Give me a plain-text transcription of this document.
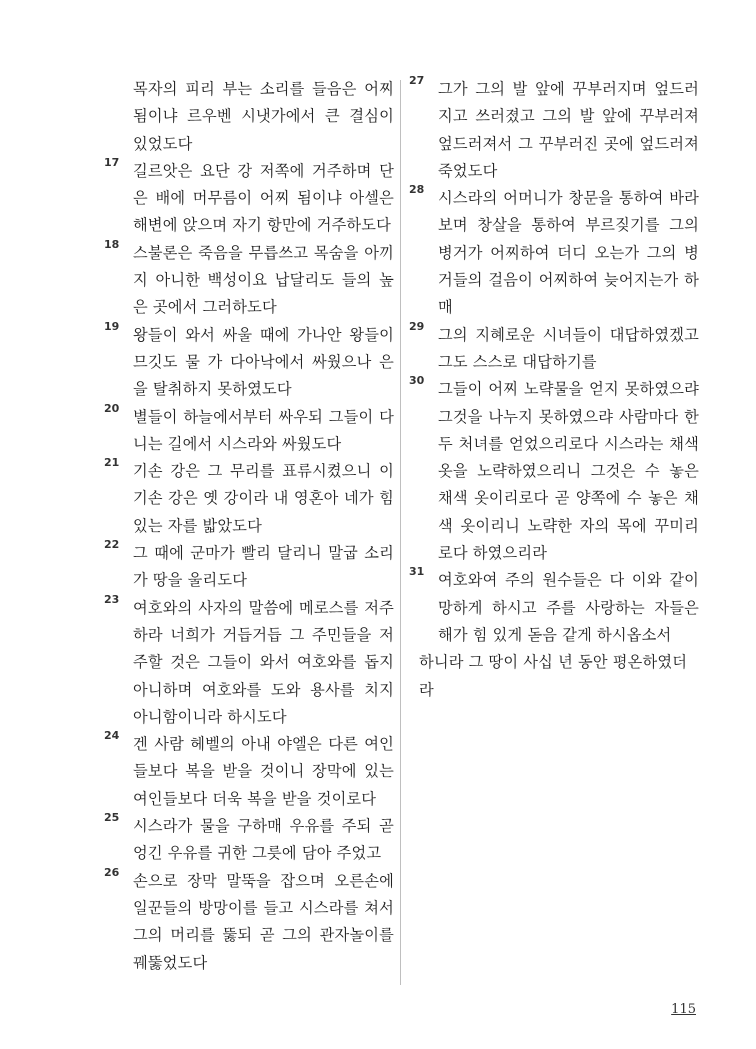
목자의 피리 부는 소리를 들음은 어찌됨이냐 르우벤 시냇가에서 큰 결심이 있었도다
17 길르앗은 요단 강 저쪽에 거주하며 단은 배에 머무름이 어찌 됨이냐 아셀은 해변에 앉으며 자기 항만에 거주하도다
18 스불론은 죽음을 무릅쓰고 목숨을 아끼지 아니한 백성이요 납달리도 들의 높은 곳에서 그러하도다
19 왕들이 와서 싸울 때에 가나안 왕들이 므깃도 물 가 다아낙에서 싸웠으나 은을 탈취하지 못하였도다
20 별들이 하늘에서부터 싸우되 그들이 다니는 길에서 시스라와 싸웠도다
21 기손 강은 그 무리를 표류시켰으니 이 기손 강은 옛 강이라 내 영혼아 네가 힘있는 자를 밟았도다
22 그 때에 군마가 빨리 달리니 말굽 소리가 땅을 울리도다
23 여호와의 사자의 말씀에 메로스를 저주하라 너희가 거듭거듭 그 주민들을 저주할 것은 그들이 와서 여호와를 돕지 아니하며 여호와를 도와 용사를 치지 아니함이니라 하시도다
24 겐 사람 헤벨의 아내 야엘은 다른 여인들보다 복을 받을 것이니 장막에 있는 여인들보다 더욱 복을 받을 것이로다
25 시스라가 물을 구하매 우유를 주되 곧 엉긴 우유를 귀한 그릇에 담아 주었고
26 손으로 장막 말뚝을 잡으며 오른손에 일꾼들의 방망이를 들고 시스라를 쳐서 그의 머리를 뚫되 곧 그의 관자놀이를 꿰뚫었도다
27 그가 그의 발 앞에 꾸부러지며 엎드러지고 쓰러졌고 그의 발 앞에 꾸부러져 엎드러져서 그 꾸부러진 곳에 엎드러져 죽었도다
28 시스라의 어머니가 창문을 통하여 바라보며 창살을 통하여 부르짖기를 그의 병거가 어찌하여 더디 오는가 그의 병거들의 걸음이 어찌하여 늦어지는가 하매
29 그의 지혜로운 시녀들이 대답하였겠고 그도 스스로 대답하기를
30 그들이 어찌 노략물을 얻지 못하였으랴 그것을 나누지 못하였으랴 사람마다 한두 처녀를 얻었으리로다 시스라는 채색 옷을 노략하였으리니 그것은 수 놓은 채색 옷이리로다 곧 양쪽에 수 놓은 채색 옷이리니 노략한 자의 목에 꾸미리로다 하였으리라
31 여호와여 주의 원수들은 다 이와 같이 망하게 하시고 주를 사랑하는 자들은 해가 힘 있게 돋음 같게 하시옵소서
하니라 그 땅이 사십 년 동안 평온하였더라
115
